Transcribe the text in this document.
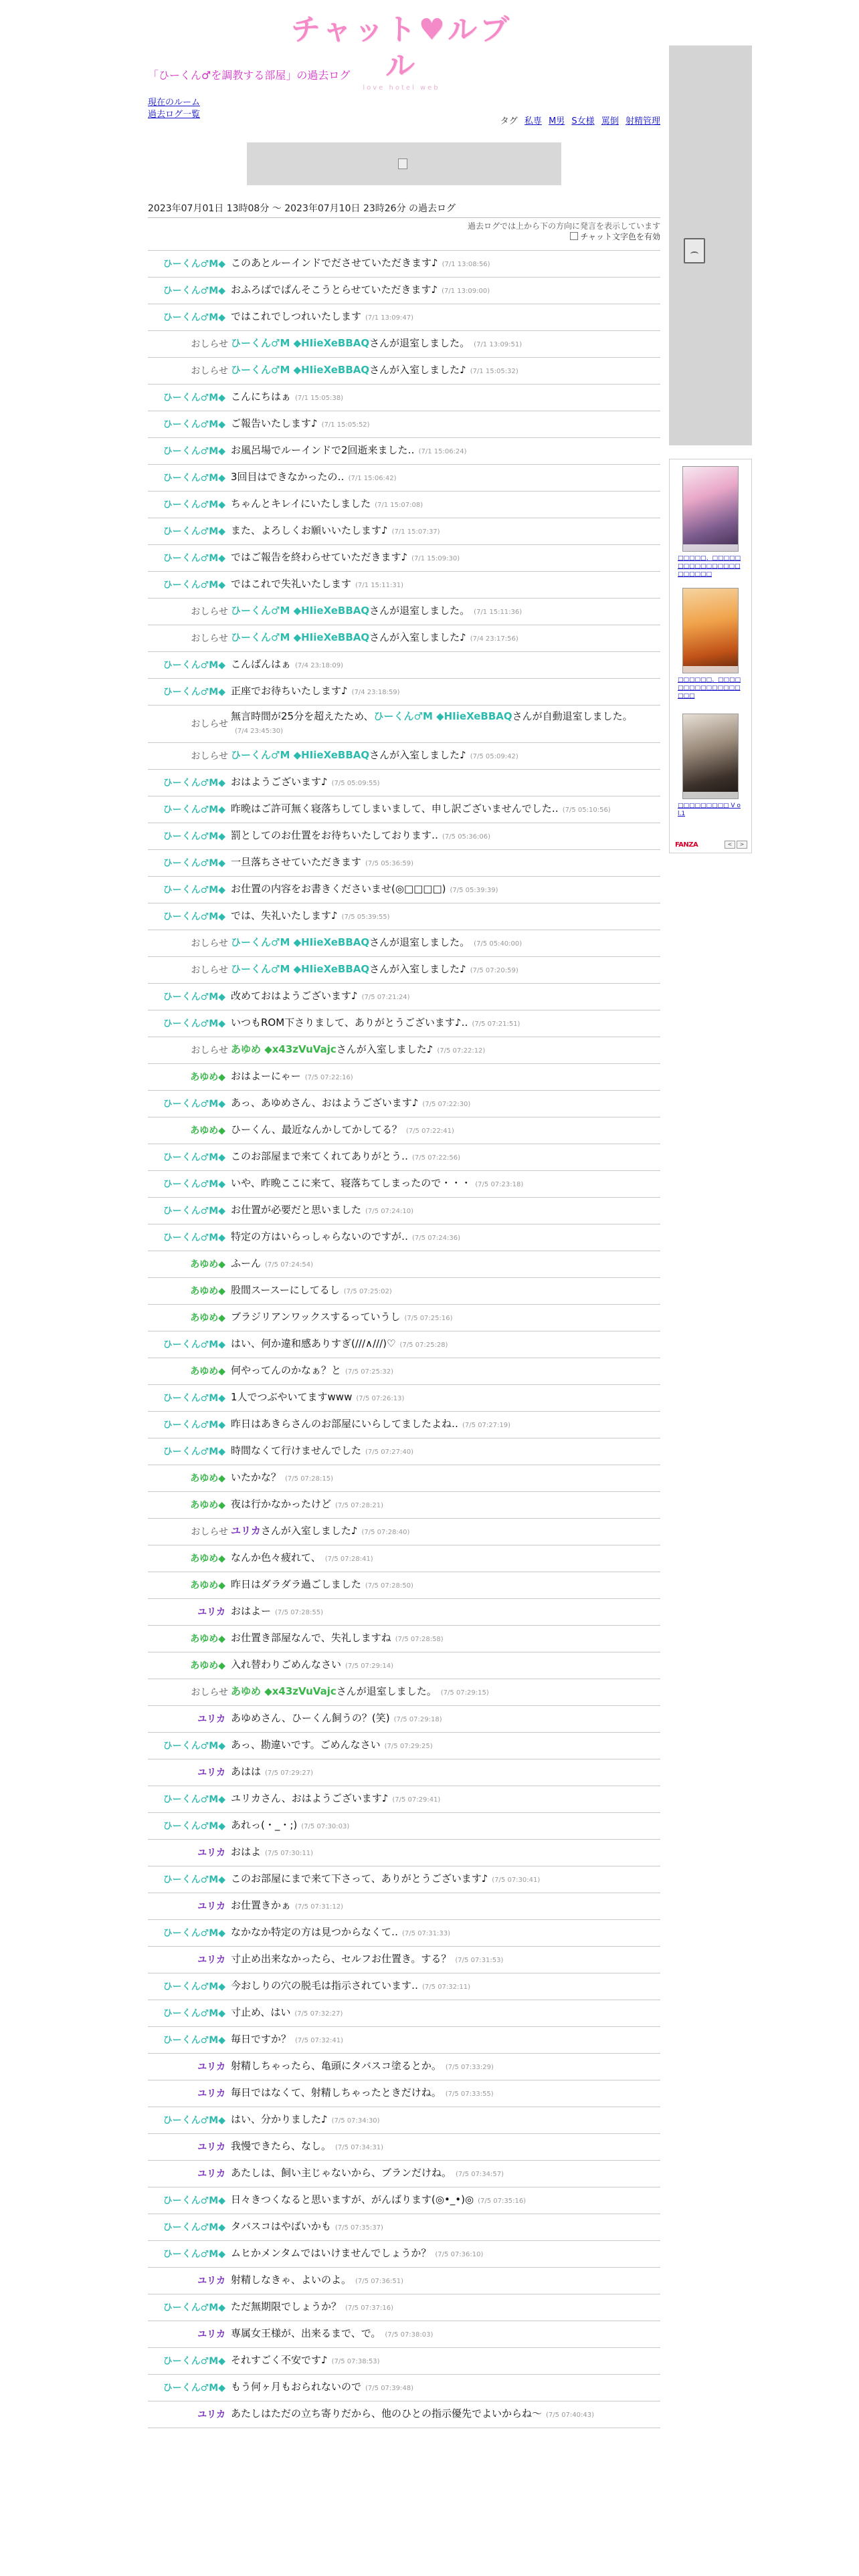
チャット♥ルブル
love hotel web
「ひーくん♂を調教する部屋」の過去ログ
現在のルーム
過去ログ一覧
タグ 私専 M男 S女様 罵倒 射精管理
2023年07月01日 13時08分 〜 2023年07月10日 23時26分 の過去ログ
過去ログでは上から下の方向に発言を表示しています
チャット文字色を有効
ひーくん♂M◆ このあとルーインドでださせていただきます♪ (7/1 13:08:56)
ひーくん♂M◆ おふろばでぱんそこうとらせていただきます♪ (7/1 13:09:00)
ひーくん♂M◆ ではこれでしつれいたします (7/1 13:09:47)
おしらせ ひーくん♂M ◆HIieXeBBAQさんが退室しました。 (7/1 13:09:51)
おしらせ ひーくん♂M ◆HIieXeBBAQさんが入室しました♪ (7/1 15:05:32)
ひーくん♂M◆ こんにちはぁ (7/1 15:05:38)
ひーくん♂M◆ ご報告いたします♪ (7/1 15:05:52)
ひーくん♂M◆ お風呂場でルーインドで2回逝来ました‥ (7/1 15:06:24)
ひーくん♂M◆ 3回目はできなかったの‥ (7/1 15:06:42)
ひーくん♂M◆ ちゃんとキレイにいたしました (7/1 15:07:08)
ひーくん♂M◆ また、よろしくお願いいたします♪ (7/1 15:07:37)
ひーくん♂M◆ ではご報告を終わらせていただきます♪ (7/1 15:09:30)
ひーくん♂M◆ ではこれで失礼いたします (7/1 15:11:31)
おしらせ ひーくん♂M ◆HIieXeBBAQさんが退室しました。 (7/1 15:11:36)
おしらせ ひーくん♂M ◆HIieXeBBAQさんが入室しました♪ (7/4 23:17:56)
ひーくん♂M◆ こんばんはぁ (7/4 23:18:09)
ひーくん♂M◆ 正座でお待ちいたします♪ (7/4 23:18:59)
おしらせ
無言時間が25分を超えたため、ひーくん♂M ◆HIieXeBBAQさんが自動退室しました。(7/4 23:45:30)
おしらせ ひーくん♂M ◆HIieXeBBAQさんが入室しました♪ (7/5 05:09:42)
ひーくん♂M◆ おはようございます♪ (7/5 05:09:55)
ひーくん♂M◆ 昨晩はご許可無く寝落ちしてしまいまして、申し訳ございませんでした‥ (7/5 05:10:56)
ひーくん♂M◆ 罰としてのお仕置をお待ちいたしております‥ (7/5 05:36:06)
ひーくん♂M◆ 一旦落ちさせていただきます (7/5 05:36:59)
ひーくん♂M◆ お仕置の内容をお書きくださいませ(◎□□□□) (7/5 05:39:39)
ひーくん♂M◆ では、失礼いたします♪ (7/5 05:39:55)
おしらせ ひーくん♂M ◆HIieXeBBAQさんが退室しました。 (7/5 05:40:00)
おしらせ ひーくん♂M ◆HIieXeBBAQさんが入室しました♪ (7/5 07:20:59)
ひーくん♂M◆ 改めておはようございます♪ (7/5 07:21:24)
ひーくん♂M◆ いつもROM下さりまして、ありがとうございます♪‥ (7/5 07:21:51)
おしらせ あゆめ ◆x43zVuVajcさんが入室しました♪ (7/5 07:22:12)
あゆめ◆ おはよーにゃー (7/5 07:22:16)
ひーくん♂M◆ あっ、あゆめさん、おはようございます♪ (7/5 07:22:30)
あゆめ◆ ひーくん、最近なんかしてかしてる？ (7/5 07:22:41)
ひーくん♂M◆ このお部屋まで来てくれてありがとう‥ (7/5 07:22:56)
ひーくん♂M◆ いや、昨晩ここに来て、寝落ちてしまったので・・・ (7/5 07:23:18)
ひーくん♂M◆ お仕置が必要だと思いました (7/5 07:24:10)
ひーくん♂M◆ 特定の方はいらっしゃらないのですが‥ (7/5 07:24:36)
あゆめ◆ ふーん (7/5 07:24:54)
あゆめ◆ 股間スースーにしてるし (7/5 07:25:02)
あゆめ◆ ブラジリアンワックスするっていうし (7/5 07:25:16)
ひーくん♂M◆ はい、何か違和感ありすぎ(///∧///)♡ (7/5 07:25:28)
あゆめ◆ 何やってんのかなぁ？と (7/5 07:25:32)
ひーくん♂M◆ 1人でつぶやいてますwww (7/5 07:26:13)
ひーくん♂M◆ 昨日はあきらさんのお部屋にいらしてましたよね‥ (7/5 07:27:19)
ひーくん♂M◆ 時間なくて行けませんでした (7/5 07:27:40)
あゆめ◆ いたかな？ (7/5 07:28:15)
あゆめ◆ 夜は行かなかったけど (7/5 07:28:21)
おしらせ ユリカさんが入室しました♪ (7/5 07:28:40)
あゆめ◆ なんか色々疲れて、 (7/5 07:28:41)
あゆめ◆ 昨日はダラダラ過ごしました (7/5 07:28:50)
ユリカ おはよー (7/5 07:28:55)
あゆめ◆ お仕置き部屋なんで、失礼しますね (7/5 07:28:58)
あゆめ◆ 入れ替わりごめんなさい (7/5 07:29:14)
おしらせ あゆめ ◆x43zVuVajcさんが退室しました。 (7/5 07:29:15)
ユリカ あゆめさん、ひーくん飼うの？(笑) (7/5 07:29:18)
ひーくん♂M◆ あっ、勘違いです。ごめんなさい (7/5 07:29:25)
ユリカ あはは (7/5 07:29:27)
ひーくん♂M◆ ユリカさん、おはようございます♪ (7/5 07:29:41)
ひーくん♂M◆ あれっ(・_・;) (7/5 07:30:03)
ユリカ おはよ (7/5 07:30:11)
ひーくん♂M◆ このお部屋にまで来て下さって、ありがとうございます♪ (7/5 07:30:41)
ユリカ お仕置きかぁ (7/5 07:31:12)
ひーくん♂M◆ なかなか特定の方は見つからなくて‥ (7/5 07:31:33)
ユリカ 寸止め出来なかったら、セルフお仕置き。する？ (7/5 07:31:53)
ひーくん♂M◆ 今おしりの穴の脱毛は指示されています‥ (7/5 07:32:11)
ひーくん♂M◆ 寸止め、はい (7/5 07:32:27)
ひーくん♂M◆ 毎日ですか？ (7/5 07:32:41)
ユリカ 射精しちゃったら、亀頭にタバスコ塗るとか。 (7/5 07:33:29)
ユリカ 毎日ではなくて、射精しちゃったときだけね。 (7/5 07:33:55)
ひーくん♂M◆ はい、分かりました♪ (7/5 07:34:30)
ユリカ 我慢できたら、なし。 (7/5 07:34:31)
ユリカ あたしは、飼い主じゃないから、ブランだけね。 (7/5 07:34:57)
ひーくん♂M◆ 日々きつくなると思いますが、がんばります(◎•_•)◎ (7/5 07:35:16)
ひーくん♂M◆ タバスコはやばいかも (7/5 07:35:37)
ひーくん♂M◆ ムヒかメンタムではいけませんでしょうか？ (7/5 07:36:10)
ユリカ 射精しなきゃ、よいのよ。 (7/5 07:36:51)
ひーくん♂M◆ ただ無期限でしょうか？ (7/5 07:37:16)
ユリカ 専属女王様が、出来るまで、で。 (7/5 07:38:03)
ひーくん♂M◆ それすごく不安です♪ (7/5 07:38:53)
ひーくん♂M◆ もう何ヶ月もおられないので (7/5 07:39:48)
ユリカ あたしはただの立ち寄りだから、他のひとの指示優先でよいからね〜 (7/5 07:40:43)
□□□□□、□□□□□□□□□□□□□□□□□□□□□□
□□□□□□、□□□□□□□□□□□□□□□□□□
□□□□□□□□□ V ol.1
FANZA	<	>
